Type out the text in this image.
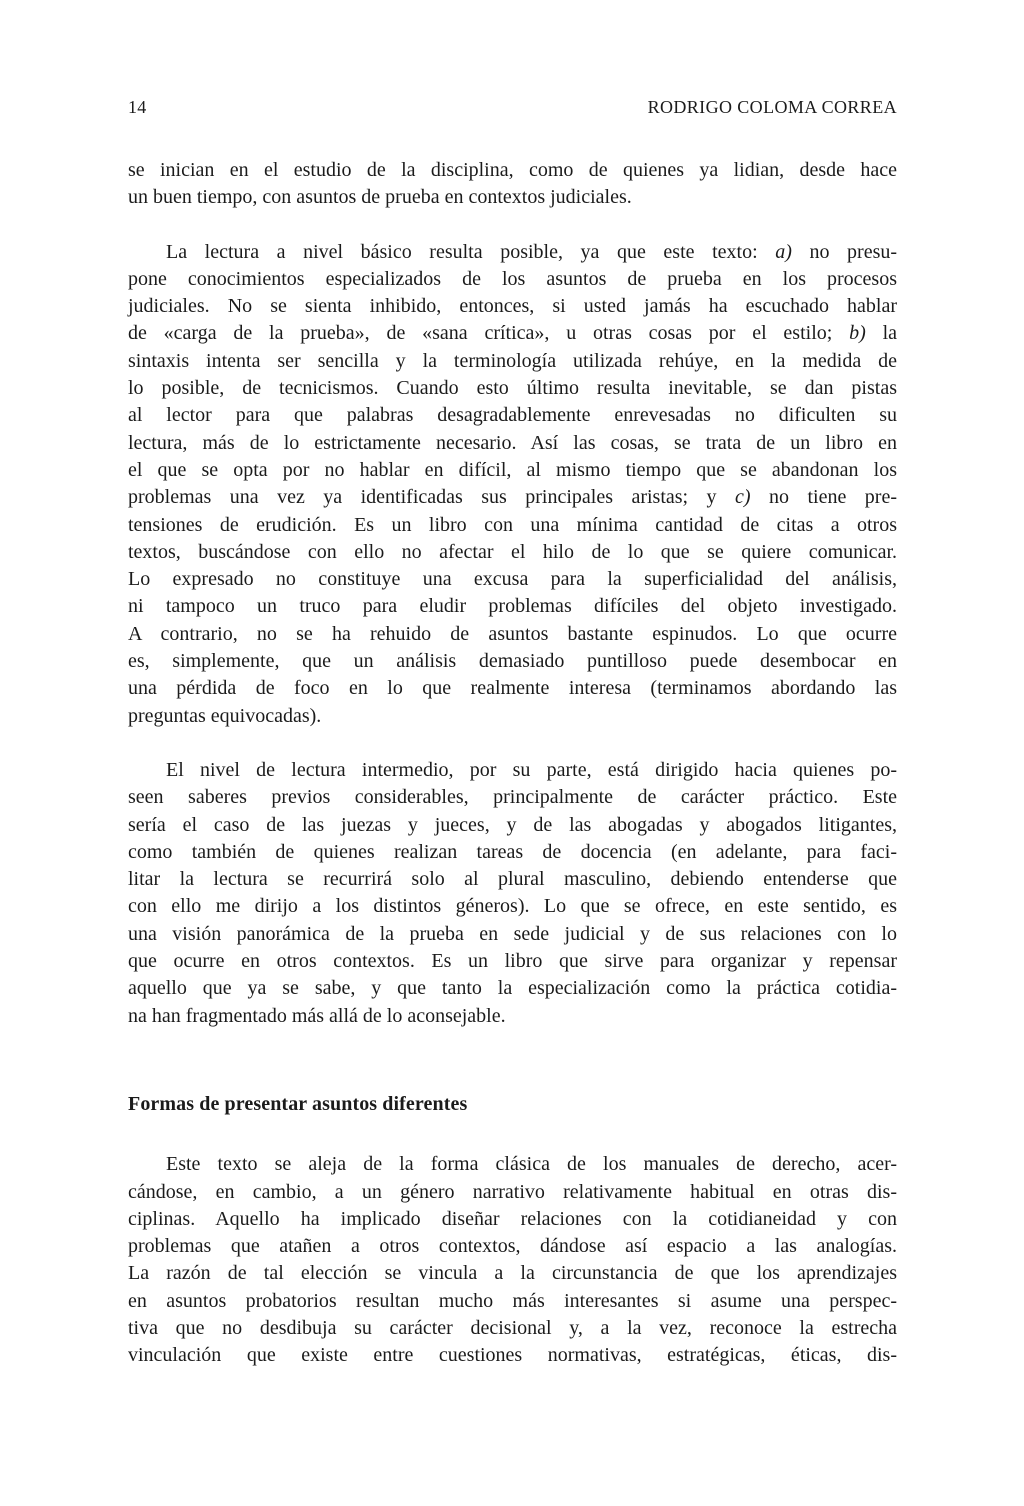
14	RODRIGO COLOMA CORREA

se inician en el estudio de la disciplina, como de quienes ya lidian, desde hace
un buen tiempo, con asuntos de prueba en contextos judiciales.

La lectura a nivel básico resulta posible, ya que este texto: a) no presu-
pone conocimientos especializados de los asuntos de prueba en los procesos
judiciales. No se sienta inhibido, entonces, si usted jamás ha escuchado hablar
de «carga de la prueba», de «sana crítica», u otras cosas por el estilo; b) la
sintaxis intenta ser sencilla y la terminología utilizada rehúye, en la medida de
lo posible, de tecnicismos. Cuando esto último resulta inevitable, se dan pistas
al lector para que palabras desagradablemente enrevesadas no dificulten su
lectura, más de lo estrictamente necesario. Así las cosas, se trata de un libro en
el que se opta por no hablar en difícil, al mismo tiempo que se abandonan los
problemas una vez ya identificadas sus principales aristas; y c) no tiene pre-
tensiones de erudición. Es un libro con una mínima cantidad de citas a otros
textos, buscándose con ello no afectar el hilo de lo que se quiere comunicar.
Lo expresado no constituye una excusa para la superficialidad del análisis,
ni tampoco un truco para eludir problemas difíciles del objeto investigado.
A contrario, no se ha rehuido de asuntos bastante espinudos. Lo que ocurre
es, simplemente, que un análisis demasiado puntilloso puede desembocar en
una pérdida de foco en lo que realmente interesa (terminamos abordando las
preguntas equivocadas).

El nivel de lectura intermedio, por su parte, está dirigido hacia quienes po-
seen saberes previos considerables, principalmente de carácter práctico. Este
sería el caso de las juezas y jueces, y de las abogadas y abogados litigantes,
como también de quienes realizan tareas de docencia (en adelante, para faci-
litar la lectura se recurrirá solo al plural masculino, debiendo entenderse que
con ello me dirijo a los distintos géneros). Lo que se ofrece, en este sentido, es
una visión panorámica de la prueba en sede judicial y de sus relaciones con lo
que ocurre en otros contextos. Es un libro que sirve para organizar y repensar
aquello que ya se sabe, y que tanto la especialización como la práctica cotidia-
na han fragmentado más allá de lo aconsejable.

Formas de presentar asuntos diferentes

Este texto se aleja de la forma clásica de los manuales de derecho, acer-
cándose, en cambio, a un género narrativo relativamente habitual en otras dis-
ciplinas. Aquello ha implicado diseñar relaciones con la cotidianeidad y con
problemas que atañen a otros contextos, dándose así espacio a las analogías.
La razón de tal elección se vincula a la circunstancia de que los aprendizajes
en asuntos probatorios resultan mucho más interesantes si asume una perspec-
tiva que no desdibuja su carácter decisional y, a la vez, reconoce la estrecha
vinculación que existe entre cuestiones normativas, estratégicas, éticas, dis-
